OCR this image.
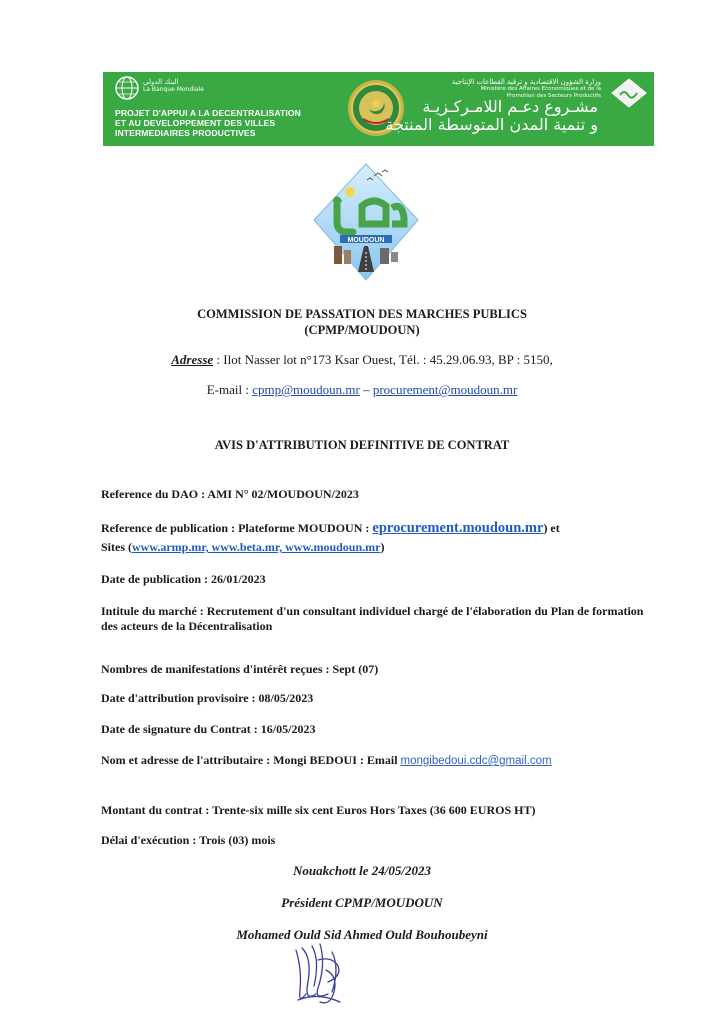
البنك الدولي
La Banque Mondiale
PROJET D'APPUI A LA DECENTRALISATION
ET AU DEVELOPPEMENT DES VILLES
INTERMEDIAIRES PRODUCTIVES
وزارة الشؤون الاقتصادية و ترقية القطاعات الإنتاجية
Ministère des Affaires Economiques et de la
Promotion des Secteurs Productifs
مشـروع دعـم اللامـركـزيـة
و تنمية المدن المتوسطة المنتجة
MOUDOUN
COMMISSION DE PASSATION DES MARCHES PUBLICS
(CPMP/MOUDOUN)
Adresse : Ilot Nasser lot n°173 Ksar Ouest, Tél. : 45.29.06.93, BP : 5150,
E-mail : cpmp@moudoun.mr – procurement@moudoun.mr
AVIS D'ATTRIBUTION DEFINITIVE DE CONTRAT
Reference du DAO : AMI N° 02/MOUDOUN/2023
Reference de publication : Plateforme MOUDOUN : eprocurement.moudoun.mr) et
Sites (www.armp.mr, www.beta.mr, www.moudoun.mr)
Date de publication : 26/01/2023
Intitule du marché : Recrutement d'un consultant individuel chargé de l'élaboration du Plan de formation des acteurs de la Décentralisation
Nombres de manifestations d'intérêt reçues : Sept (07)
Date d'attribution provisoire : 08/05/2023
Date de signature du Contrat : 16/05/2023
Nom et adresse de l'attributaire : Mongi BEDOUI : Email mongibedoui.cdc@gmail.com
Montant du contrat : Trente-six mille six cent Euros Hors Taxes (36 600 EUROS HT)
Délai d'exécution : Trois (03) mois
Nouakchott le 24/05/2023
Président CPMP/MOUDOUN
Mohamed Ould Sid Ahmed Ould Bouhoubeyni
